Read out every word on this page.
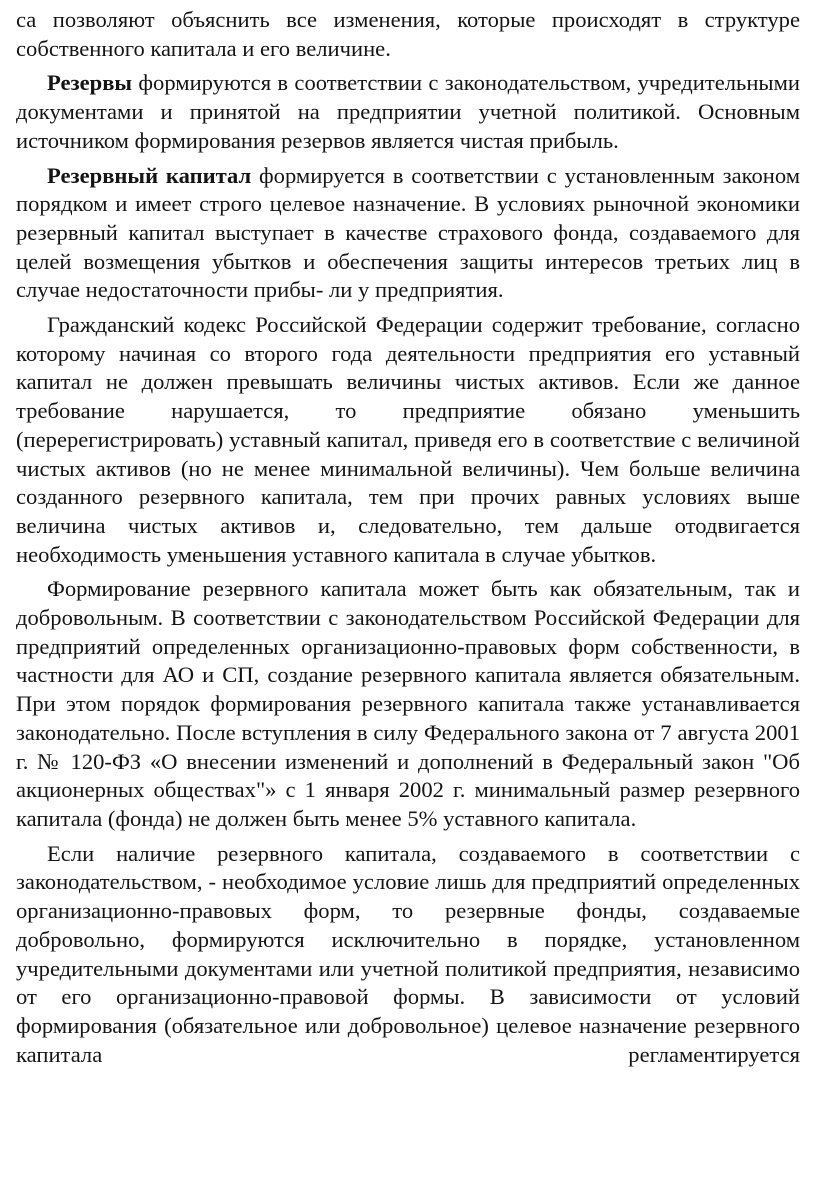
са позволяют объяснить все изменения, которые происходят в структуре собственного капитала и его величине.

Резервы формируются в соответствии с законодательством, учредительными документами и принятой на предприятии учетной политикой. Основным источником формирования резервов является чистая прибыль.

Резервный капитал формируется в соответствии с установленным законом порядком и имеет строго целевое назначение. В условиях рыночной экономики резервный капитал выступает в качестве страхового фонда, создаваемого для целей возмещения убытков и обеспечения защиты интересов третьих лиц в случае недостаточности прибы- ли у предприятия.

Гражданский кодекс Российской Федерации содержит требование, согласно которому начиная со второго года деятельности предприятия его уставный капитал не должен превышать величины чистых активов. Если же данное требование нарушается, то предприятие обязано уменьшить (перерегистрировать) уставный капитал, приведя его в соответствие с величиной чистых активов (но не менее минимальной величины). Чем больше величина созданного резервного капитала, тем при прочих равных условиях выше величина чистых активов и, следовательно, тем дальше отодвигается необходимость уменьшения уставного капитала в случае убытков.

Формирование резервного капитала может быть как обязательным, так и добровольным. В соответствии с законодательством Российской Федерации для предприятий определенных организационно-правовых форм собственности, в частности для АО и СП, создание резервного капитала является обязательным. При этом порядок формирования резервного капитала также устанавливается законодательно. После вступления в силу Федерального закона от 7 августа 2001 г. № 120-ФЗ «О внесении изменений и дополнений в Федеральный закон "Об акционерных обществах"» с 1 января 2002 г. минимальный размер резервного капитала (фонда) не должен быть менее 5% уставного капитала.

Если наличие резервного капитала, создаваемого в соответствии с законодательством, - необходимое условие лишь для предприятий определенных организационно-правовых форм, то резервные фонды, создаваемые добровольно, формируются исключительно в порядке, установленном учредительными документами или учетной политикой предприятия, независимо от его организационно-правовой формы. В зависимости от условий формирования (обязательное или добровольное) целевое назначение резервного капитала регламентируется
